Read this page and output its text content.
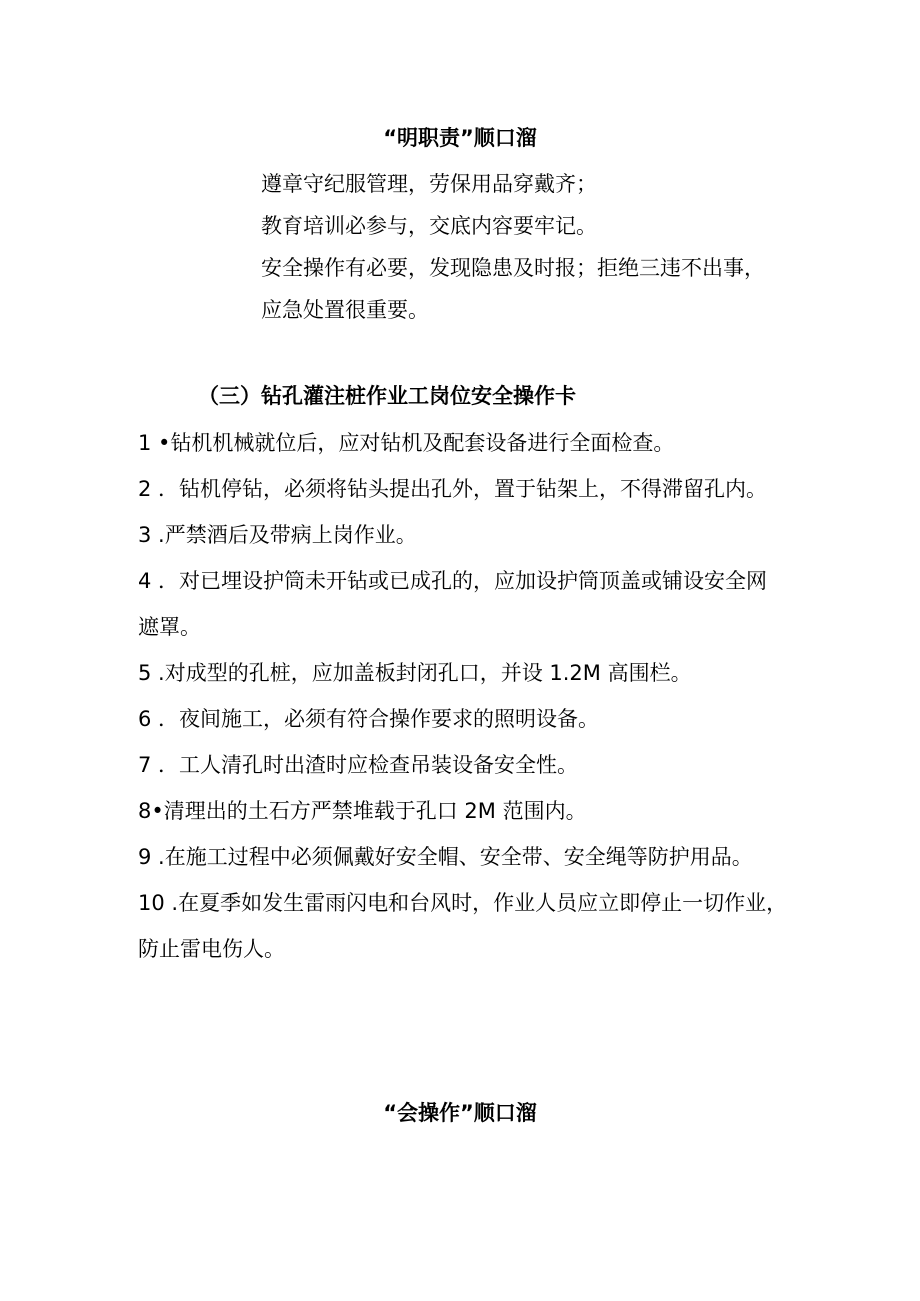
“明职责”顺口溜
遵章守纪服管理，劳保用品穿戴齐；
教育培训必参与，交底内容要牢记。
安全操作有必要，发现隐患及时报；拒绝三违不出事，应急处置很重要。
（三）钻孔灌注桩作业工岗位安全操作卡
1 •钻机机械就位后，应对钻机及配套设备进行全面检查。
2 ．钻机停钻，必须将钻头提出孔外，置于钻架上，不得滞留孔内。
3 .严禁酒后及带病上岗作业。
4 ．对已埋设护筒未开钻或已成孔的，应加设护筒顶盖或铺设安全网遮罩。
5 .对成型的孔桩，应加盖板封闭孔口，并设 1.2M 高围栏。
6 ．夜间施工，必须有符合操作要求的照明设备。
7 ．工人清孔时出渣时应检查吊装设备安全性。
8•清理出的土石方严禁堆载于孔口 2M 范围内。
9 .在施工过程中必须佩戴好安全帽、安全带、安全绳等防护用品。
10 .在夏季如发生雷雨闪电和台风时，作业人员应立即停止一切作业，防止雷电伤人。
“会操作”顺口溜
